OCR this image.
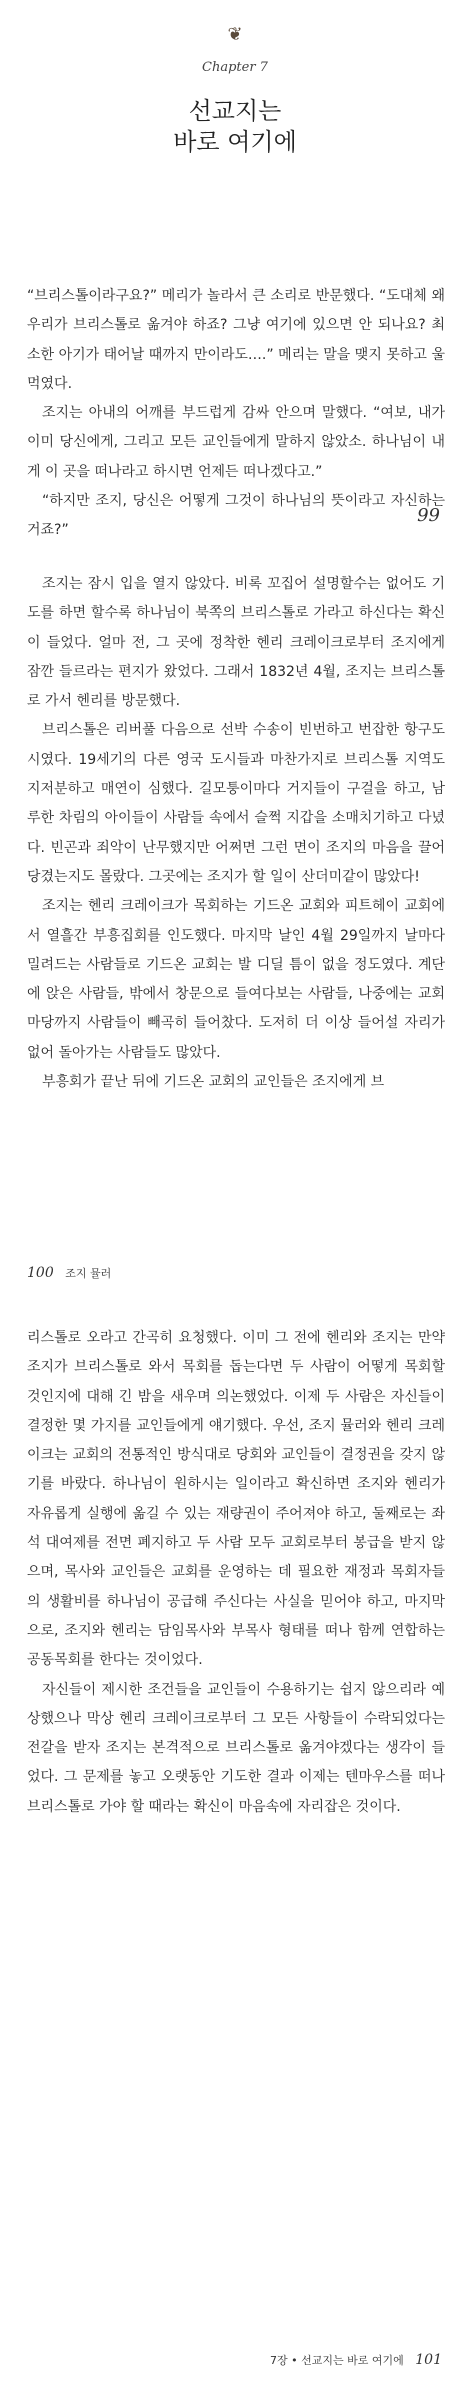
❦
Chapter 7
선교지는
바로 여기에

“브리스톨이라구요?” 메리가 놀라서 큰 소리로 반문했다. “도대체 왜 우리가 브리스톨로 옮겨야 하죠? 그냥 여기에 있으면 안 되나요? 최소한 아기가 태어날 때까지 만이라도….” 메리는 말을 맺지 못하고 울먹였다.

조지는 아내의 어깨를 부드럽게 감싸 안으며 말했다. “여보, 내가 이미 당신에게, 그리고 모든 교인들에게 말하지 않았소. 하나님이 내게 이 곳을 떠나라고 하시면 언제든 떠나겠다고.”

“하지만 조지, 당신은 어떻게 그것이 하나님의 뜻이라고 자신하는 거죠?”

99

조지는 잠시 입을 열지 않았다. 비록 꼬집어 설명할수는 없어도 기도를 하면 할수록 하나님이 북쪽의 브리스톨로 가라고 하신다는 확신이 들었다. 얼마 전, 그 곳에 정착한 헨리 크레이크로부터 조지에게 잠깐 들르라는 편지가 왔었다. 그래서 1832년 4월, 조지는 브리스톨로 가서 헨리를 방문했다.

브리스톨은 리버풀 다음으로 선박 수송이 빈번하고 번잡한 항구도시였다. 19세기의 다른 영국 도시들과 마찬가지로 브리스톨 지역도 지저분하고 매연이 심했다. 길모퉁이마다 거지들이 구걸을 하고, 남루한 차림의 아이들이 사람들 속에서 슬쩍 지갑을 소매치기하고 다녔다. 빈곤과 죄악이 난무했지만 어쩌면 그런 면이 조지의 마음을 끌어 당겼는지도 몰랐다. 그곳에는 조지가 할 일이 산더미같이 많았다!

조지는 헨리 크레이크가 목회하는 기드온 교회와 피트헤이 교회에서 열흘간 부흥집회를 인도했다. 마지막 날인 4월 29일까지 날마다 밀려드는 사람들로 기드온 교회는 발 디딜 틈이 없을 정도였다. 계단에 앉은 사람들, 밖에서 창문으로 들여다보는 사람들, 나중에는 교회 마당까지 사람들이 빼곡히 들어찼다. 도저히 더 이상 들어설 자리가 없어 돌아가는 사람들도 많았다.

부흥회가 끝난 뒤에 기드온 교회의 교인들은 조지에게 브

100 조지 뮬러

리스톨로 오라고 간곡히 요청했다. 이미 그 전에 헨리와 조지는 만약 조지가 브리스톨로 와서 목회를 돕는다면 두 사람이 어떻게 목회할 것인지에 대해 긴 밤을 새우며 의논했었다. 이제 두 사람은 자신들이 결정한 몇 가지를 교인들에게 얘기했다. 우선, 조지 뮬러와 헨리 크레이크는 교회의 전통적인 방식대로 당회와 교인들이 결정권을 갖지 않기를 바랐다. 하나님이 원하시는 일이라고 확신하면 조지와 헨리가 자유롭게 실행에 옮길 수 있는 재량권이 주어져야 하고, 둘째로는 좌석 대여제를 전면 폐지하고 두 사람 모두 교회로부터 봉급을 받지 않으며, 목사와 교인들은 교회를 운영하는 데 필요한 재정과 목회자들의 생활비를 하나님이 공급해 주신다는 사실을 믿어야 하고, 마지막으로, 조지와 헨리는 담임목사와 부목사 형태를 떠나 함께 연합하는 공동목회를 한다는 것이었다.

자신들이 제시한 조건들을 교인들이 수용하기는 쉽지 않으리라 예상했으나 막상 헨리 크레이크로부터 그 모든 사항들이 수락되었다는 전갈을 받자 조지는 본격적으로 브리스톨로 옮겨야겠다는 생각이 들었다. 그 문제를 놓고 오랫동안 기도한 결과 이제는 텐마우스를 떠나 브리스톨로 가야 할 때라는 확신이 마음속에 자리잡은 것이다.

7장 • 선교지는 바로 여기에 101
